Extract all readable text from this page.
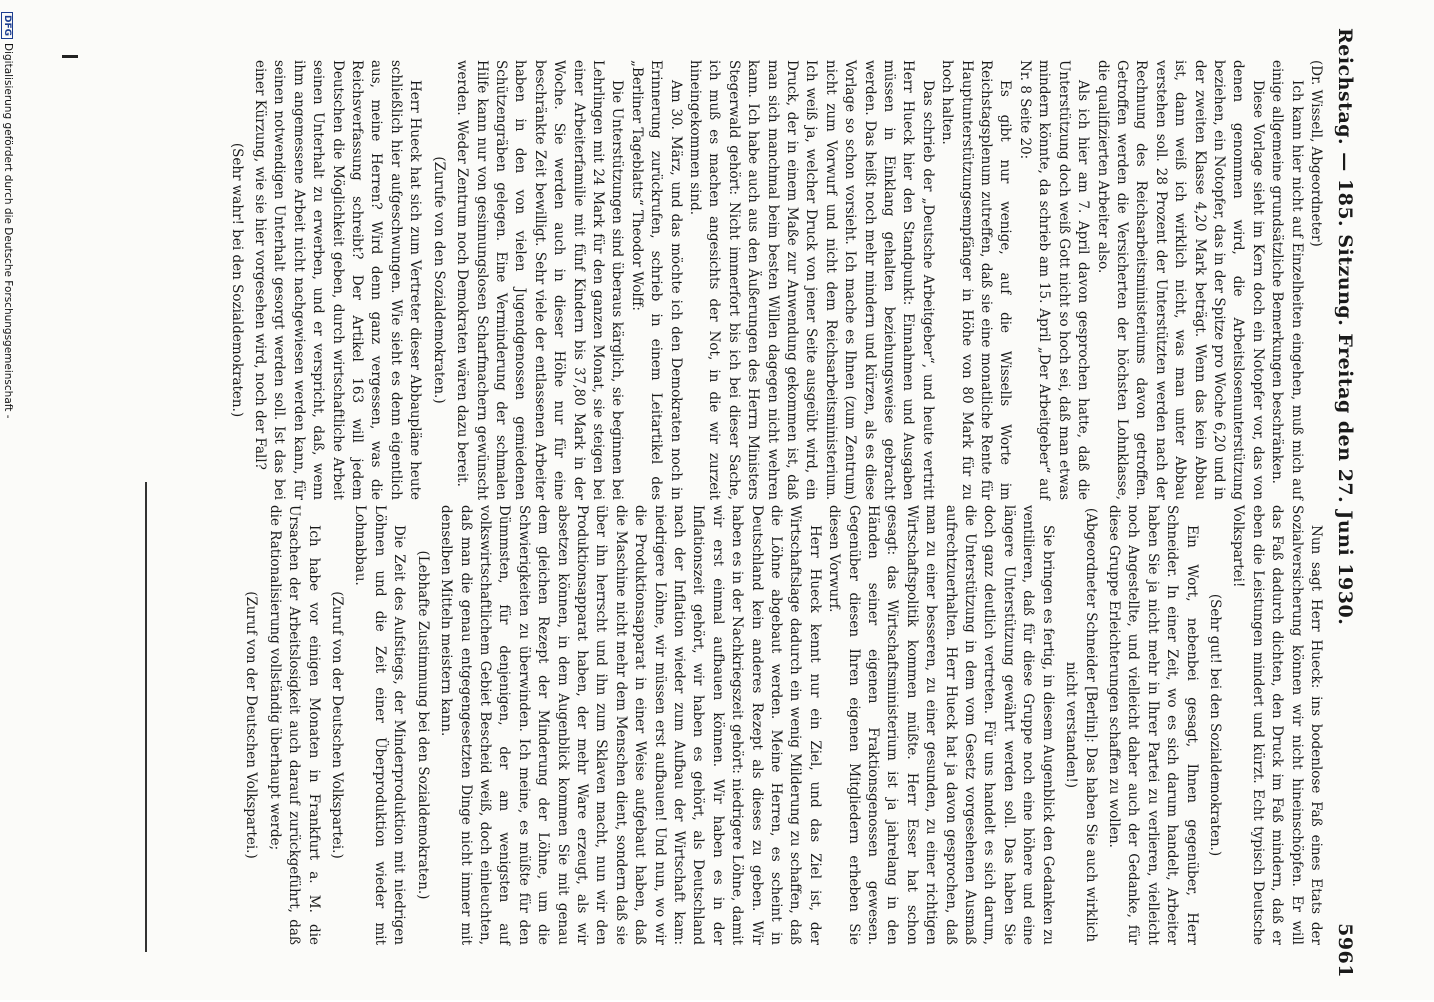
Reichstag. — 185. Sitzung. Freitag den 27. Juni 1930.
5961

(Dr. Wissell, Abgeordneter)

Ich kann hier nicht auf Einzelheiten eingehen, muß mich auf einige allgemeine grundsätzliche Bemerkungen beschränken.

Diese Vorlage sieht im Kern doch ein Notopfer vor, das von denen genommen wird, die Arbeitslosenunterstützung beziehen, ein Notopfer, das in der Spitze pro Woche 6,20 und in der zweiten Klasse 4,20 Mark beträgt. Wenn das kein Abbau ist, dann weiß ich wirklich nicht, was man unter Abbau verstehen soll. 28 Prozent der Unterstützten werden nach der Rechnung des Reichsarbeitsministeriums davon getroffen. Getroffen werden die Versicherten der höchsten Lohnklasse, die qualifizierten Arbeiter also.

Als ich hier am 7. April davon gesprochen hatte, daß die Unterstützung doch weiß Gott nicht so hoch sei, daß man etwas mindern könnte, da schrieb am 15. April „Der Arbeitgeber“ auf Nr. 8 Seite 20:

Es gibt nur wenige, auf die Wissells Worte im Reichstagsplenum zutreffen, daß sie eine monatliche Rente für Hauptunterstützungsempfänger in Höhe von 80 Mark für zu hoch halten.

Das schrieb der „Deutsche Arbeitgeber“, und heute vertritt Herr Hueck hier den Standpunkt: Einnahmen und Ausgaben müssen in Einklang gehalten beziehungsweise gebracht werden. Das heißt noch mehr mindern und kürzen, als es diese Vorlage so schon vorsieht. Ich mache es Ihnen (zum Zentrum) nicht zum Vorwurf und nicht dem Reichsarbeitsministerium. Ich weiß ja, welcher Druck von jener Seite ausgeübt wird, ein Druck, der in einem Maße zur Anwendung gekommen ist, daß man sich manchmal beim besten Willen dagegen nicht wehren kann. Ich habe auch aus den Äußerungen des Herrn Ministers Stegerwald gehört: Nicht immerfort bis ich bei dieser Sache, ich muß es machen angesichts der Not, in die wir zurzeit hineingekommen sind.

Am 30. März, und das möchte ich den Demokraten noch in Erinnerung zurückrufen, schrieb in einem Leitartikel des „Berliner Tageblatts“ Theodor Wolff:

Die Unterstützungen sind überaus kärglich, sie beginnen bei Lehrlingen mit 24 Mark für den ganzen Monat, sie steigen bei einer Arbeiterfamilie mit fünf Kindern bis 37,80 Mark in der Woche. Sie werden auch in dieser Höhe nur für eine beschränkte Zeit bewilligt. Sehr viele der entlassenen Arbeiter haben in den von vielen Jugendgenossen gemiedenen Schützengräben gelegen. Eine Verminderung der schmalen Hilfe kann nur von gesinnungslosen Scharfmachern gewünscht werden. Weder Zentrum noch Demokraten wären dazu bereit.

(Zurufe von den Sozialdemokraten.)

Herr Hueck hat sich zum Vertreter dieser Abbaupläne heute schließlich hier aufgeschwungen. Wie sieht es denn eigentlich aus, meine Herren? Wird denn ganz vergessen, was die Reichsverfassung schreibt? Der Artikel 163 will jedem Deutschen die Möglichkeit geben, durch wirtschaftliche Arbeit seinen Unterhalt zu erwerben, und er verspricht, daß, wenn ihm angemessene Arbeit nicht nachgewiesen werden kann, für seinen notwendigen Unterhalt gesorgt werden soll. Ist das bei einer Kürzung, wie sie hier vorgesehen wird, noch der Fall?

(Sehr wahr! bei den Sozialdemokraten.)

Nun sagt Herr Hueck: ins bodenlose Faß eines Etats der Sozialversicherung können wir nicht hineinschöpfen. Er will das Faß dadurch dichten, den Druck im Faß mindern, daß er eben die Leistungen mindert und kürzt. Echt typisch Deutsche Volkspartei!

(Sehr gut! bei den Sozialdemokraten.)

Ein Wort, nebenbei gesagt, Ihnen gegenüber, Herr Schneider. In einer Zeit, wo es sich darum handelt, Arbeiter haben Sie ja nicht mehr in Ihrer Partei zu verlieren, vielleicht noch Angestellte, und vielleicht daher auch der Gedanke, für diese Gruppe Erleichterungen schaffen zu wollen.

(Abgeordneter Schneider [Berlin]: Das haben Sie auch wirklich nicht verstanden!)

Sie bringen es fertig, in diesem Augenblick den Gedanken zu ventilieren, daß für diese Gruppe noch eine höhere und eine längere Unterstützung gewährt werden soll. Das haben Sie doch ganz deutlich vertreten. Für uns handelt es sich darum, die Unterstützung in dem vom Gesetz vorgesehenen Ausmaß aufrechtzuerhalten. Herr Hueck hat ja davon gesprochen, daß man zu einer besseren, zu einer gesunden, zu einer richtigen Wirtschaftspolitik kommen müßte. Herr Esser hat schon gesagt: das Wirtschaftsministerium ist ja jahrelang in den Händen seiner eigenen Fraktionsgenossen gewesen. Gegenüber diesen Ihren eigenen Mitgliedern erheben Sie diesen Vorwurf.

Herr Hueck kennt nur ein Ziel, und das Ziel ist, der Wirtschaftslage dadurch ein wenig Milderung zu schaffen, daß die Löhne abgebaut werden. Meine Herren, es scheint in Deutschland kein anderes Rezept als dieses zu geben. Wir haben es in der Nachkriegszeit gehört: niedrigere Löhne, damit wir erst einmal aufbauen können. Wir haben es in der Inflationszeit gehört, wir haben es gehört, als Deutschland nach der Inflation wieder zum Aufbau der Wirtschaft kam: niedrigere Löhne, wir müssen erst aufbauen! Und nun, wo wir die Produktionsapparat in einer Weise aufgebaut haben, daß die Maschine nicht mehr dem Menschen dient, sondern daß sie über ihn herrscht und ihn zum Sklaven macht, nun wir den Produktionsapparat haben, der mehr Ware erzeugt, als wir absetzen können, in dem Augenblick kommen Sie mit genau dem gleichen Rezept der Minderung der Löhne, um die Schwierigkeiten zu überwinden. Ich meine, es müßte für den Dümmsten, für denjenigen, der am wenigsten auf volkswirtschaftlichem Gebiet Bescheid weiß, doch einleuchten, daß man die genau entgegengesetzten Dinge nicht immer mit denselben Mitteln meistern kann.

(Lebhafte Zustimmung bei den Sozialdemokraten.)

Die Zeit des Aufstiegs, der Minderproduktion mit niedrigen Löhnen und die Zeit einer Überproduktion wieder mit Lohnabbau.

(Zuruf von der Deutschen Volkspartei.)

Ich habe vor einigen Monaten in Frankfurt a. M. die Ursachen der Arbeitslosigkeit auch darauf zurückgeführt, daß die Rationalisierung vollständig überhaupt werde;

(Zuruf von der Deutschen Volkspartei.)

DFGDigitalisierung gefördert durch die Deutsche Forschungsgemeinschaft -
